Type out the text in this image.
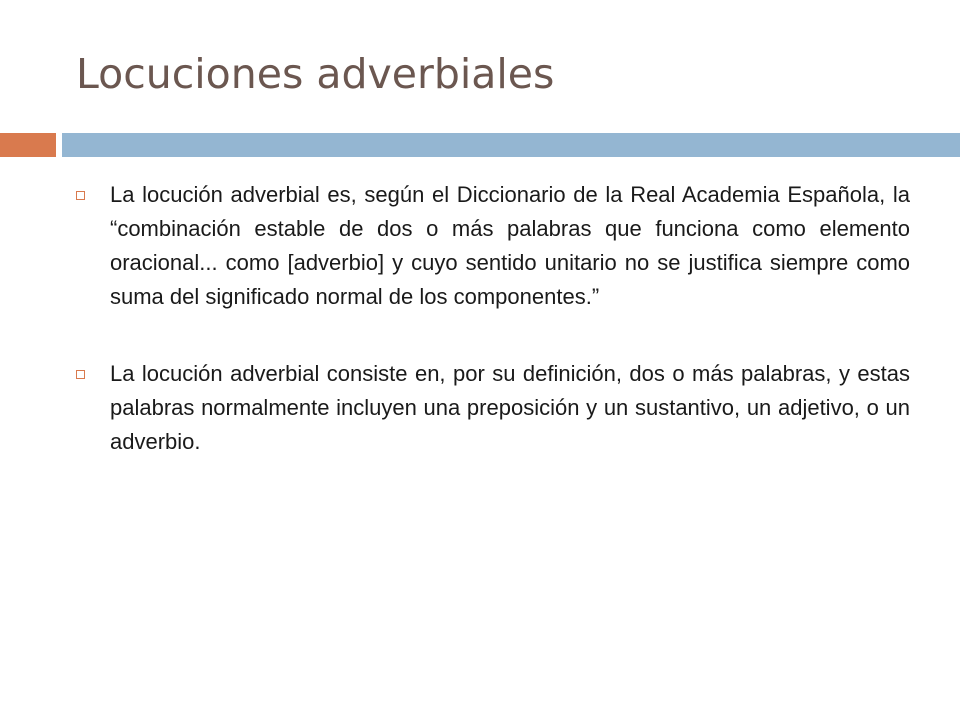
Locuciones adverbiales
La locución adverbial es, según el Diccionario de la Real Academia Española, la “combinación estable de dos o más palabras que funciona como elemento oracional... como [adverbio] y cuyo sentido unitario no se justifica siempre como suma del significado normal de los componentes.”
La locución adverbial consiste en, por su definición, dos o más palabras, y estas palabras normalmente incluyen una preposición y un sustantivo, un adjetivo, o un adverbio.
